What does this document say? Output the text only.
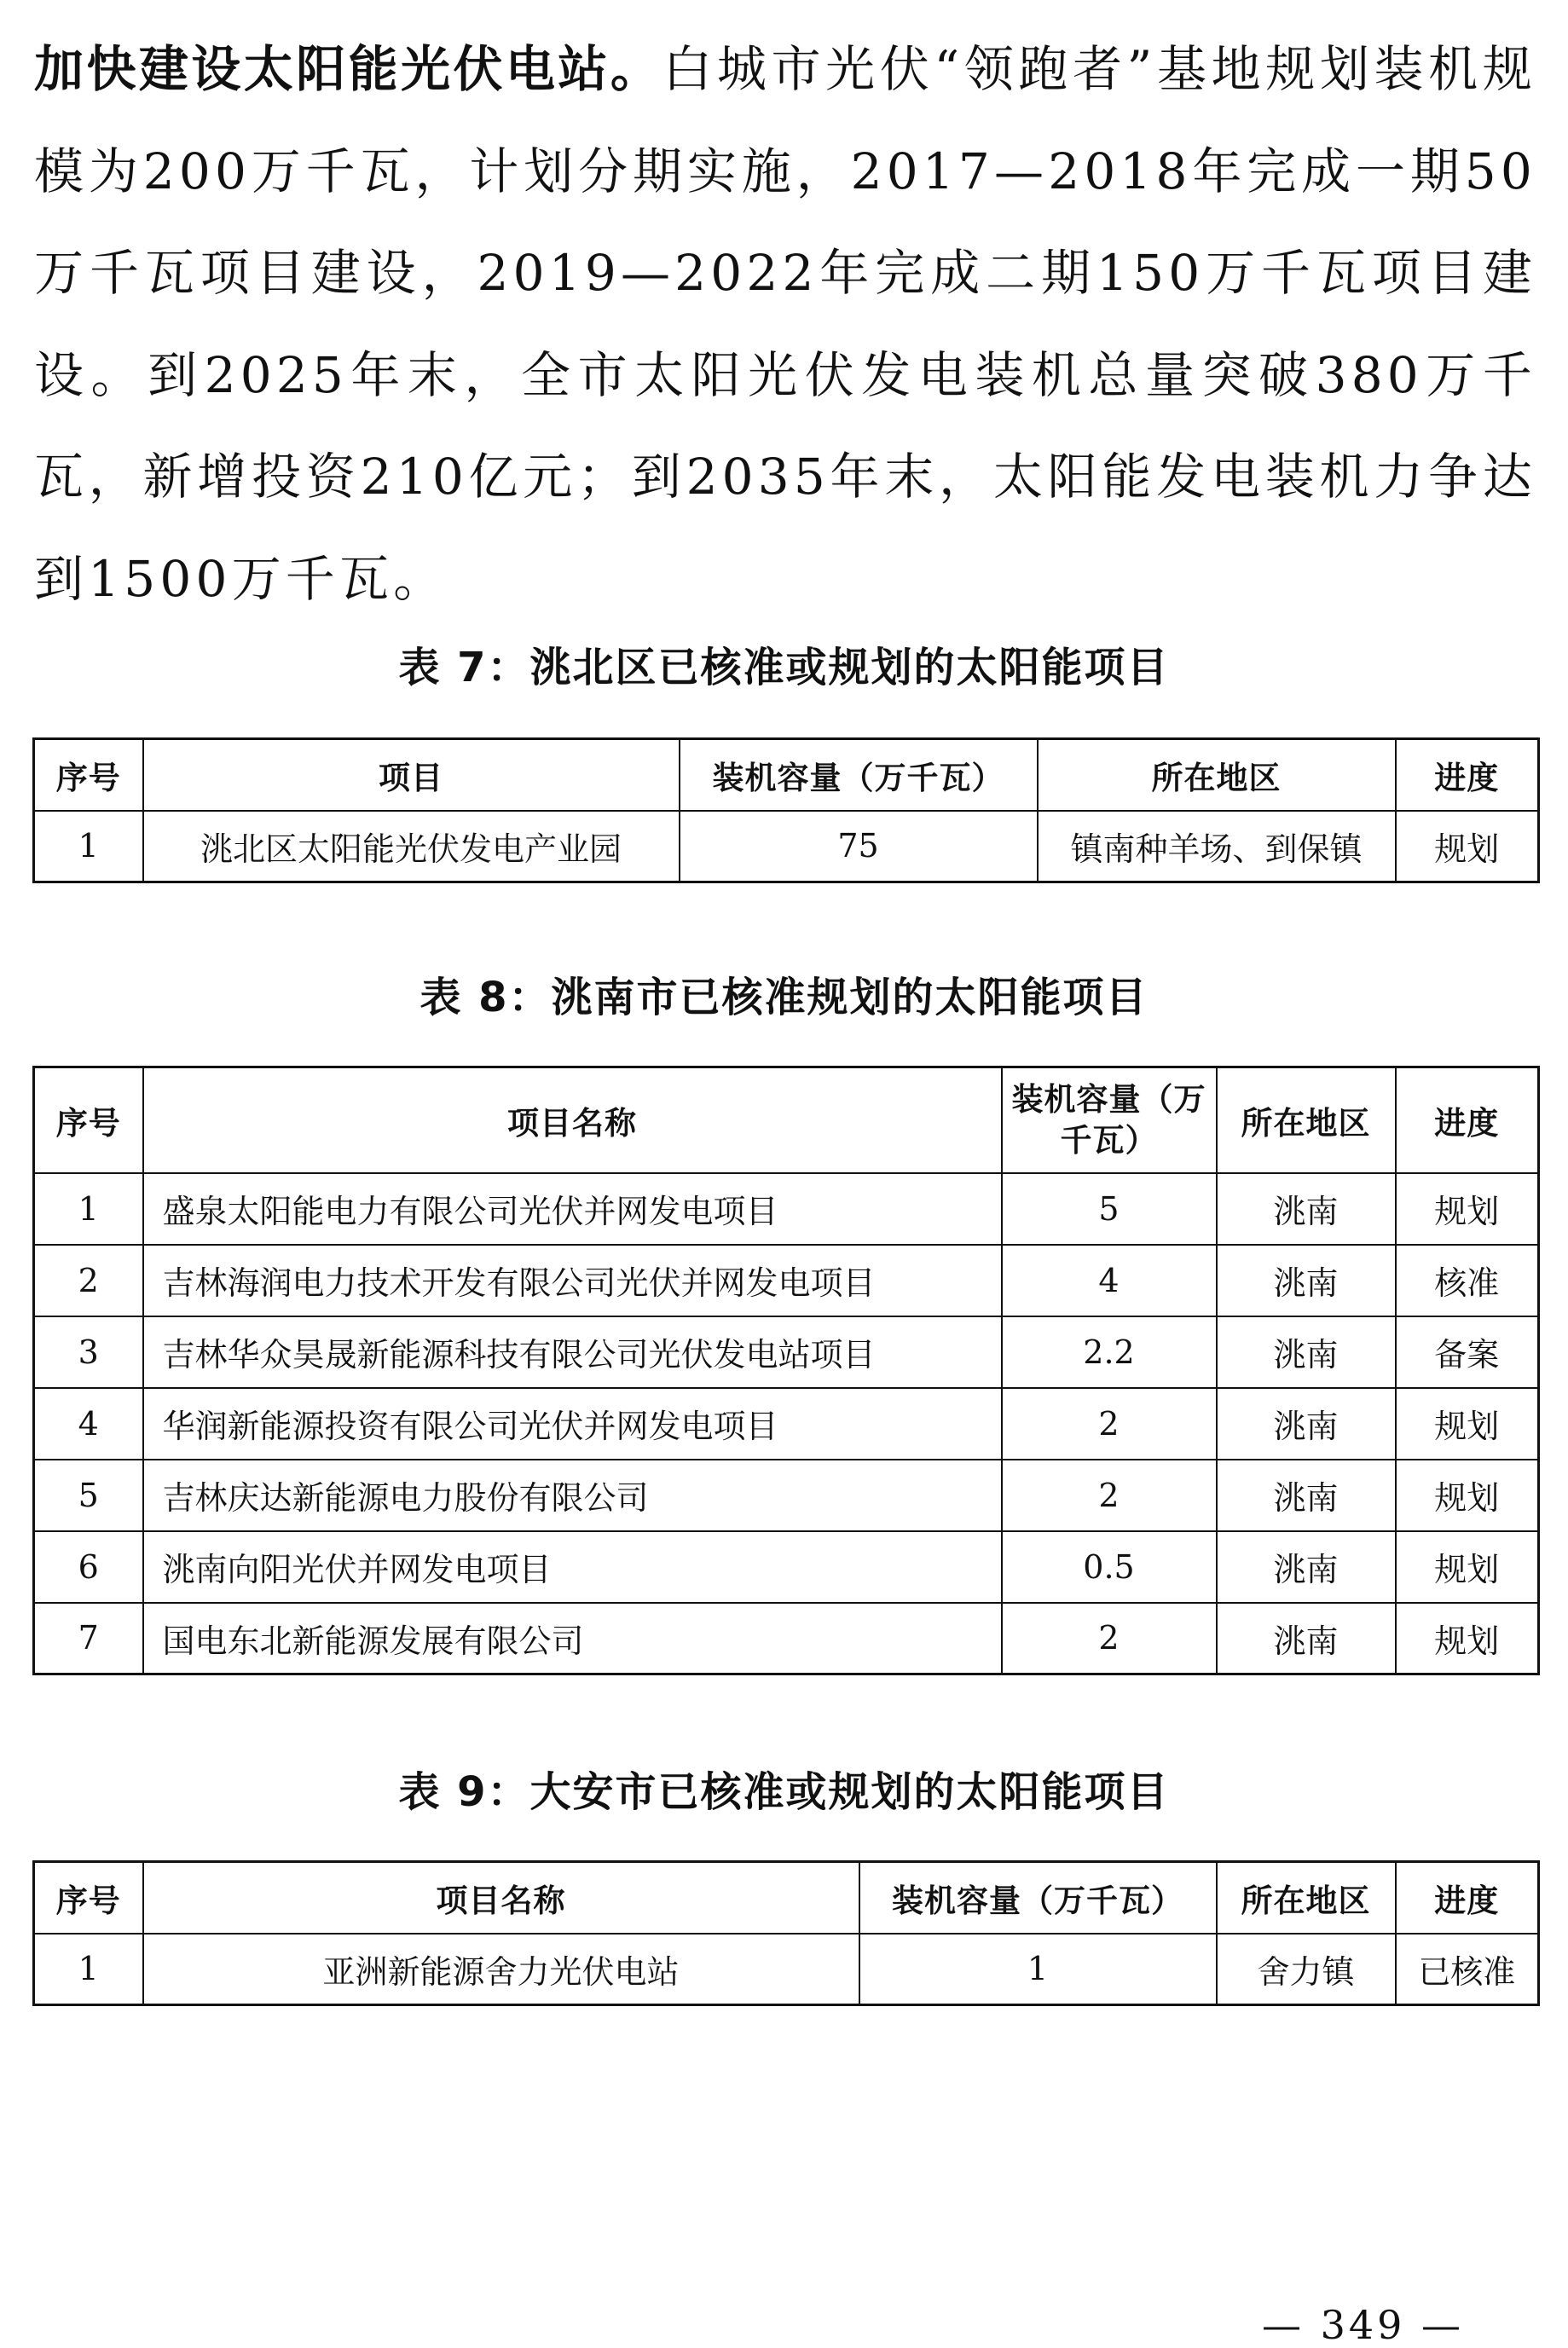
加快建设太阳能光伏电站。白城市光伏“领跑者”基地规划装机规模为200万千瓦，计划分期实施，2017—2018年完成一期50万千瓦项目建设，2019—2022年完成二期150万千瓦项目建设。到2025年末，全市太阳光伏发电装机总量突破380万千瓦，新增投资210亿元；到2035年末，太阳能发电装机力争达到1500万千瓦。

表 7：洮北区已核准或规划的太阳能项目
序号	项目	装机容量（万千瓦）	所在地区	进度
1	洮北区太阳能光伏发电产业园	75	镇南种羊场、到保镇	规划
表 8：洮南市已核准规划的太阳能项目
序号	项目名称	装机容量（万千瓦）	所在地区	进度
1	盛泉太阳能电力有限公司光伏并网发电项目	5	洮南	规划
2	吉林海润电力技术开发有限公司光伏并网发电项目	4	洮南	核准
3	吉林华众昊晟新能源科技有限公司光伏发电站项目	2.2	洮南	备案
4	华润新能源投资有限公司光伏并网发电项目	2	洮南	规划
5	吉林庆达新能源电力股份有限公司	2	洮南	规划
6	洮南向阳光伏并网发电项目	0.5	洮南	规划
7	国电东北新能源发展有限公司	2	洮南	规划
表 9：大安市已核准或规划的太阳能项目
序号	项目名称	装机容量（万千瓦）	所在地区	进度
1	亚洲新能源舍力光伏电站	1	舍力镇	已核准
— 349 —
